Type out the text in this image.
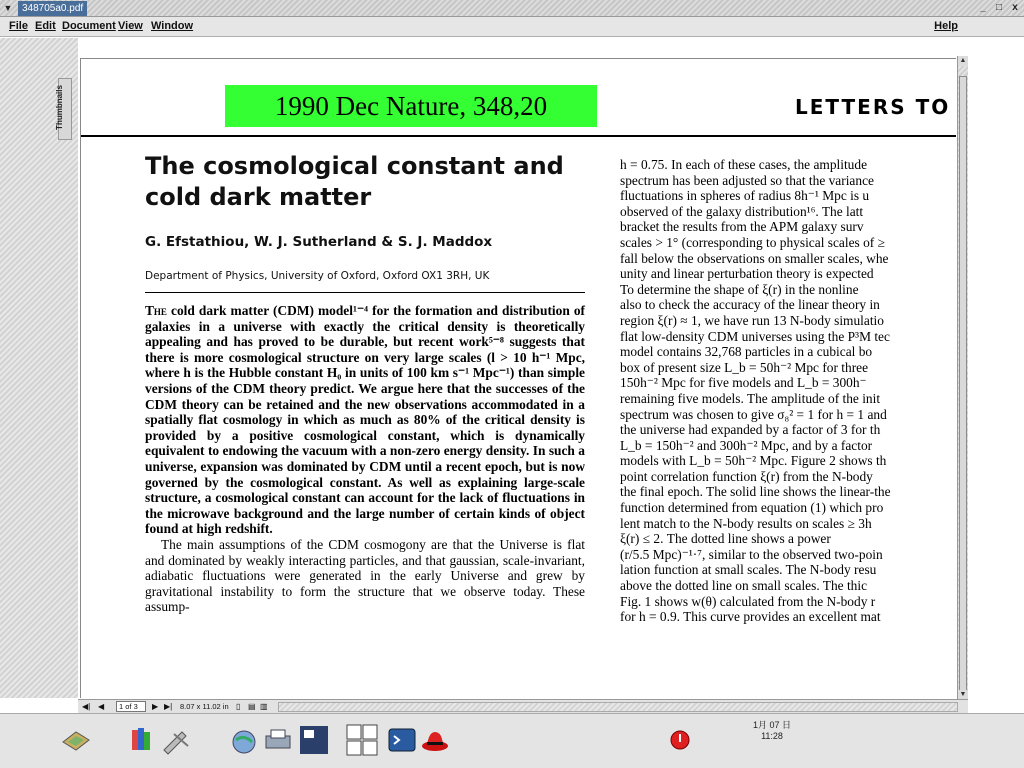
▼ 348705a0.pdf	_	□	x
File Edit Document View Window	Help
Thumbnails	1990 Dec Nature, 348,20	LETTERS TO
The cosmological constant and
cold dark matter
G. Efstathiou, W. J. Sutherland & S. J. Maddox
Department of Physics, University of Oxford, Oxford OX1 3RH, UK

The cold dark matter (CDM) model¹⁻⁴ for the formation and distribution of galaxies in a universe with exactly the critical density is theoretically appealing and has proved to be durable, but recent work⁵⁻⁸ suggests that there is more cosmological structure on very large scales (l > 10 h⁻¹ Mpc, where h is the Hubble constant H₀ in units of 100 km s⁻¹ Mpc⁻¹) than simple versions of the CDM theory predict. We argue here that the successes of the CDM theory can be retained and the new observations accommodated in a spatially flat cosmology in which as much as 80% of the critical density is provided by a positive cosmological constant, which is dynamically equivalent to endowing the vacuum with a non-zero energy density. In such a universe, expansion was dominated by CDM until a recent epoch, but is now governed by the cosmological constant. As well as explaining large-scale structure, a cosmological constant can account for the lack of fluctuations in the microwave background and the large number of certain kinds of object found at high redshift.

The main assumptions of the CDM cosmogony are that the Universe is flat and dominated by weakly interacting particles, and that gaussian, scale-invariant, adiabatic fluctuations were generated in the early Universe and grew by gravitational instability to form the structure that we observe today. These assump-

h = 0.75. In each of these cases, the amplitude
spectrum has been adjusted so that the variance
fluctuations in spheres of radius 8h⁻¹ Mpc is u
observed of the galaxy distribution¹⁶. The latt
bracket the results from the APM galaxy surv
scales > 1° (corresponding to physical scales of ≥
fall below the observations on smaller scales, whe
unity and linear perturbation theory is expected
To determine the shape of ξ(r) in the nonline
also to check the accuracy of the linear theory in
region ξ(r) ≈ 1, we have run 13 N-body simulatio
flat low-density CDM universes using the P³M tec
model contains 32,768 particles in a cubical bo
box of present size L_b = 50h⁻² Mpc for three
150h⁻² Mpc for five models and L_b = 300h⁻
remaining five models. The amplitude of the init
spectrum was chosen to give σ₈² = 1 for h = 1 and
the universe had expanded by a factor of 3 for th
L_b = 150h⁻² and 300h⁻² Mpc, and by a factor
models with L_b = 50h⁻² Mpc. Figure 2 shows th
point correlation function ξ(r) from the N-body
the final epoch. The solid line shows the linear-the
function determined from equation (1) which pro
lent match to the N-body results on scales ≥ 3h
ξ(r) ≤ 2. The dotted line shows a power
(r/5.5 Mpc)⁻¹·⁷, similar to the observed two-poin
lation function at small scales. The N-body resu
above the dotted line on small scales. The thic
Fig. 1 shows w(θ) calculated from the N-body r
for h = 0.9. This curve provides an excellent mat
▲
▼
◀| ◀	1 of 3	▶ ▶| 8.07 x 11.02 in ▯ ▤ ▥
1月 07 日
11:28
